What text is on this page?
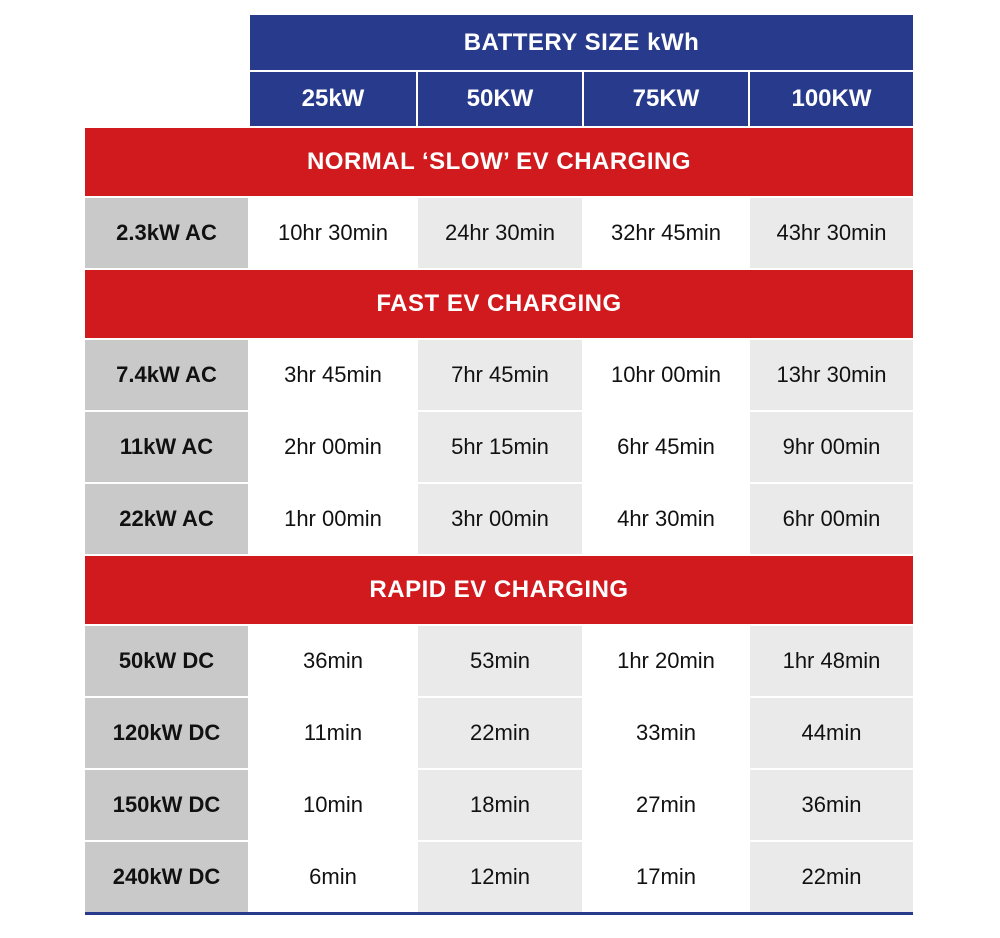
BATTERY SIZE kWh
25kW	50KW	75KW	100KW
NORMAL ‘SLOW’ EV CHARGING
2.3kW AC	10hr 30min	24hr 30min	32hr 45min	43hr 30min
FAST EV CHARGING
7.4kW AC	3hr 45min	7hr 45min	10hr 00min	13hr 30min
11kW AC	2hr 00min	5hr 15min	6hr 45min	9hr 00min
22kW AC	1hr 00min	3hr 00min	4hr 30min	6hr 00min
RAPID EV CHARGING
50kW DC	36min	53min	1hr 20min	1hr 48min
120kW DC	11min	22min	33min	44min
150kW DC	10min	18min	27min	36min
240kW DC	6min	12min	17min	22min
